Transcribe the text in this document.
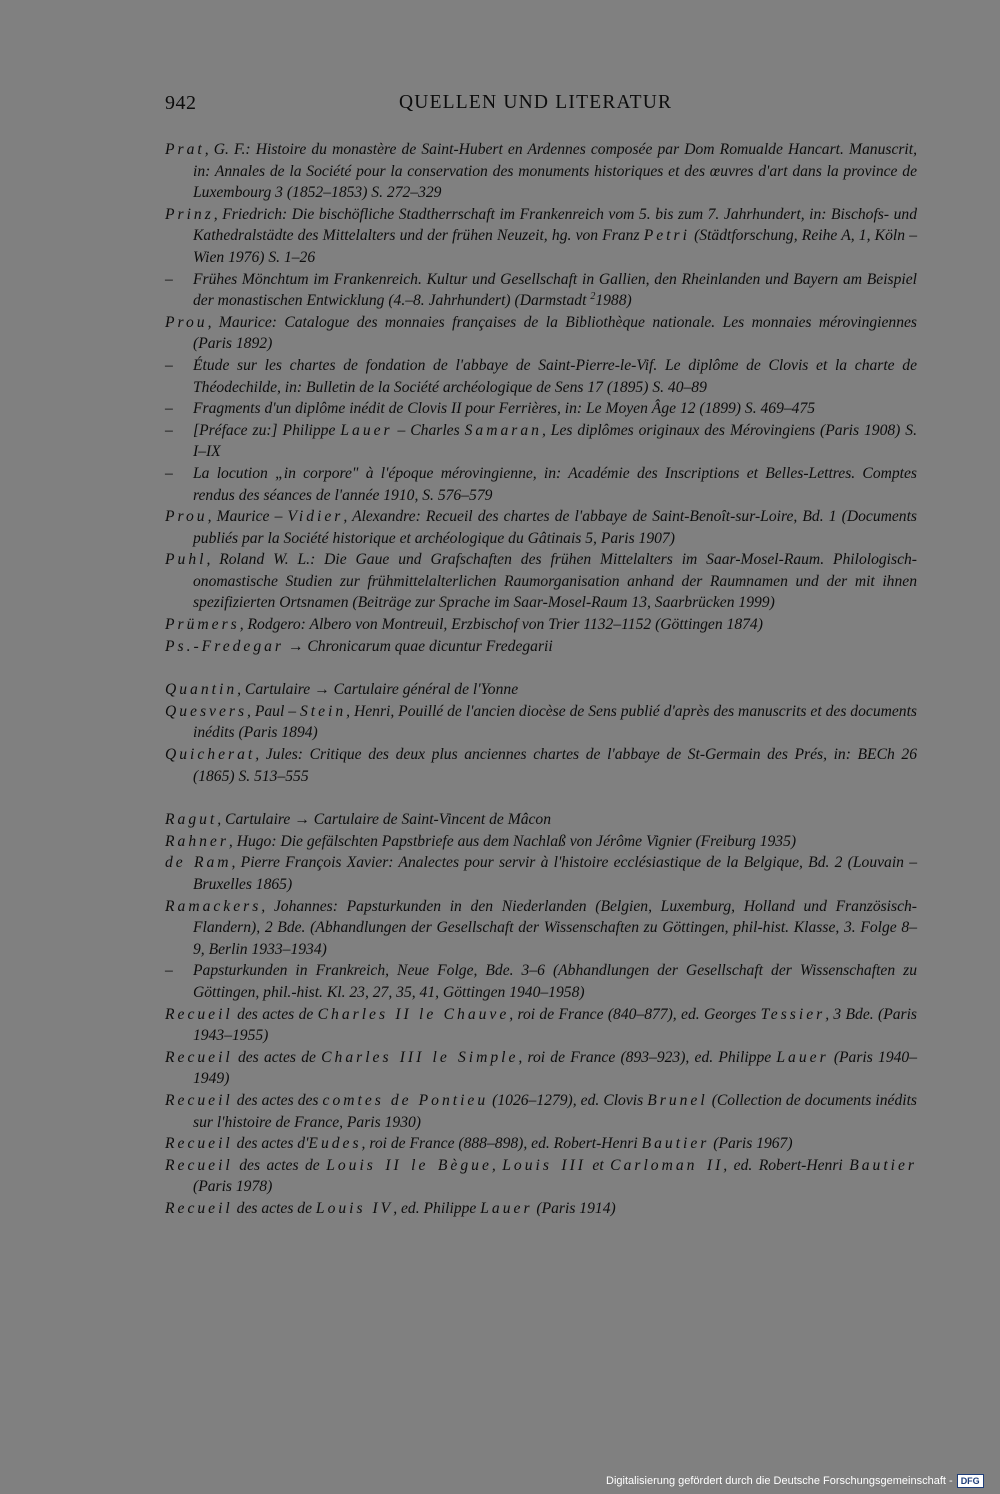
942	QUELLEN UND LITERATUR

Prat, G. F.: Histoire du monastère de Saint-Hubert en Ardennes composée par Dom Romualde Hancart. Manuscrit, in: Annales de la Société pour la conservation des monuments historiques et des œuvres d'art dans la province de Luxembourg 3 (1852–1853) S. 272–329

Prinz, Friedrich: Die bischöfliche Stadtherrschaft im Frankenreich vom 5. bis zum 7. Jahrhundert, in: Bischofs- und Kathedralstädte des Mittelalters und der frühen Neuzeit, hg. von Franz Petri (Städtforschung, Reihe A, 1, Köln – Wien 1976) S. 1–26

– Frühes Mönchtum im Frankenreich. Kultur und Gesellschaft in Gallien, den Rheinlanden und Bayern am Beispiel der monastischen Entwicklung (4.–8. Jahrhundert) (Darmstadt $^2$1988)

Prou, Maurice: Catalogue des monnaies françaises de la Bibliothèque nationale. Les monnaies mérovingiennes (Paris 1892)

– Étude sur les chartes de fondation de l'abbaye de Saint-Pierre-le-Vif. Le diplôme de Clovis et la charte de Théodechilde, in: Bulletin de la Société archéologique de Sens 17 (1895) S. 40–89

– Fragments d'un diplôme inédit de Clovis II pour Ferrières, in: Le Moyen Âge 12 (1899) S. 469–475

– [Préface zu:] Philippe Lauer – Charles Samaran, Les diplômes originaux des Mérovingiens (Paris 1908) S. I–IX

– La locution „in corpore" à l'époque mérovingienne, in: Académie des Inscriptions et Belles-Lettres. Comptes rendus des séances de l'année 1910, S. 576–579

Prou, Maurice – Vidier, Alexandre: Recueil des chartes de l'abbaye de Saint-Benoît-sur-Loire, Bd. 1 (Documents publiés par la Société historique et archéologique du Gâtinais 5, Paris 1907)

Puhl, Roland W. L.: Die Gaue und Grafschaften des frühen Mittelalters im Saar-Mosel-Raum. Philologisch-onomastische Studien zur frühmittelalterlichen Raumorganisation anhand der Raumnamen und der mit ihnen spezifizierten Ortsnamen (Beiträge zur Sprache im Saar-Mosel-Raum 13, Saarbrücken 1999)

Prümers, Rodgero: Albero von Montreuil, Erzbischof von Trier 1132–1152 (Göttingen 1874)

Ps.-Fredegar → Chronicarum quae dicuntur Fredegarii

Quantin, Cartulaire → Cartulaire général de l'Yonne

Quesvers, Paul – Stein, Henri, Pouillé de l'ancien diocèse de Sens publié d'après des manuscrits et des documents inédits (Paris 1894)

Quicherat, Jules: Critique des deux plus anciennes chartes de l'abbaye de St-Germain des Prés, in: BECh 26 (1865) S. 513–555

Ragut, Cartulaire → Cartulaire de Saint-Vincent de Mâcon

Rahner, Hugo: Die gefälschten Papstbriefe aus dem Nachlaß von Jérôme Vignier (Freiburg 1935)

de Ram, Pierre François Xavier: Analectes pour servir à l'histoire ecclésiastique de la Belgique, Bd. 2 (Louvain – Bruxelles 1865)

Ramackers, Johannes: Papsturkunden in den Niederlanden (Belgien, Luxemburg, Holland und Französisch-Flandern), 2 Bde. (Abhandlungen der Gesellschaft der Wissenschaften zu Göttingen, phil-hist. Klasse, 3. Folge 8–9, Berlin 1933–1934)

– Papsturkunden in Frankreich, Neue Folge, Bde. 3–6 (Abhandlungen der Gesellschaft der Wissenschaften zu Göttingen, phil.-hist. Kl. 23, 27, 35, 41, Göttingen 1940–1958)

Recueil des actes de Charles II le Chauve, roi de France (840–877), ed. Georges Tessier, 3 Bde. (Paris 1943–1955)

Recueil des actes de Charles III le Simple, roi de France (893–923), ed. Philippe Lauer (Paris 1940–1949)

Recueil des actes des comtes de Pontieu (1026–1279), ed. Clovis Brunel (Collection de documents inédits sur l'histoire de France, Paris 1930)

Recueil des actes d'Eudes, roi de France (888–898), ed. Robert-Henri Bautier (Paris 1967)

Recueil des actes de Louis II le Bègue, Louis III et Carloman II, ed. Robert-Henri Bautier (Paris 1978)

Recueil des actes de Louis IV, ed. Philippe Lauer (Paris 1914)

Digitalisierung gefördert durch die Deutsche Forschungsgemeinschaft - DFG
